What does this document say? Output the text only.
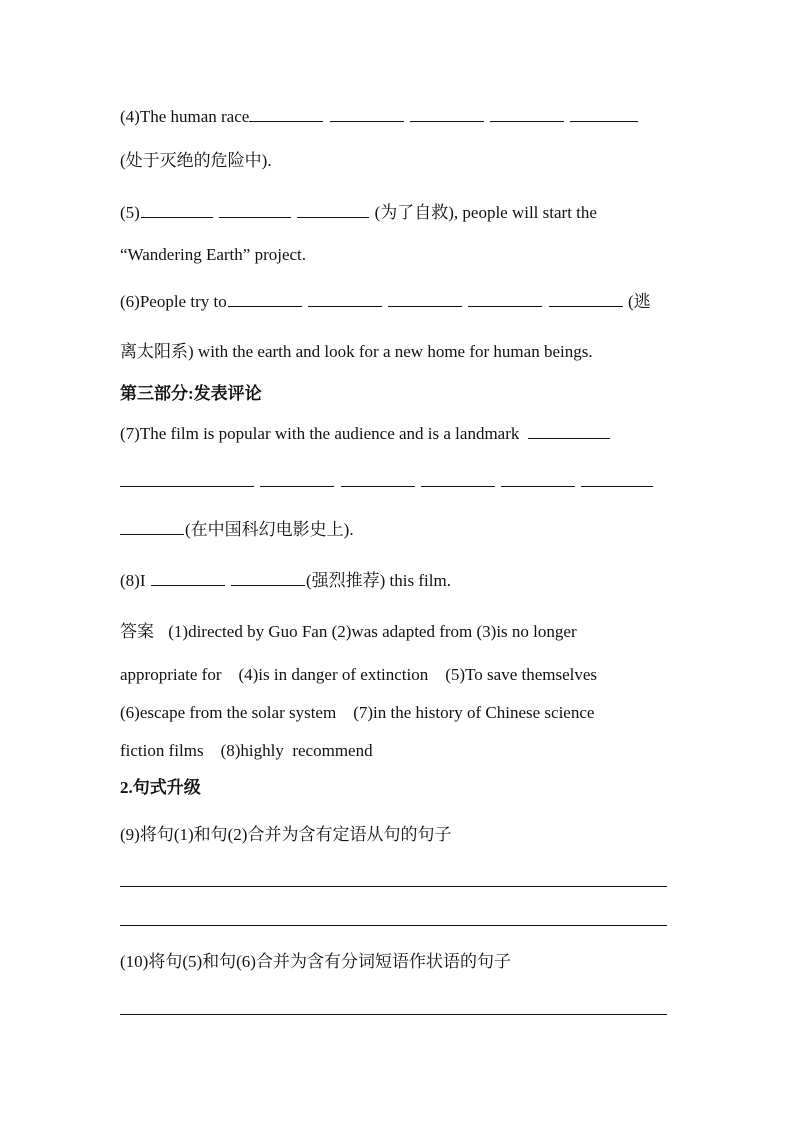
(4)The human race
(处于灭绝的危险中).
(5)	(为了自救), people will start the
“Wandering Earth” project.
(6)People try to	(逃
离太阳系) with the earth and look for a new home for human beings.
第三部分:发表评论
(7)The film is popular with the audience and is a landmark

(在中国科幻电影史上).
(8)I	(强烈推荐) this film.
答案 (1)directed by Guo Fan (2)was adapted from (3)is no longer
appropriate for    (4)is in danger of extinction    (5)To save themselves
(6)escape from the solar system    (7)in the history of Chinese science
fiction films    (8)highly  recommend
2.句式升级
(9)将句(1)和句(2)合并为含有定语从句的句子
(10)将句(5)和句(6)合并为含有分词短语作状语的句子
